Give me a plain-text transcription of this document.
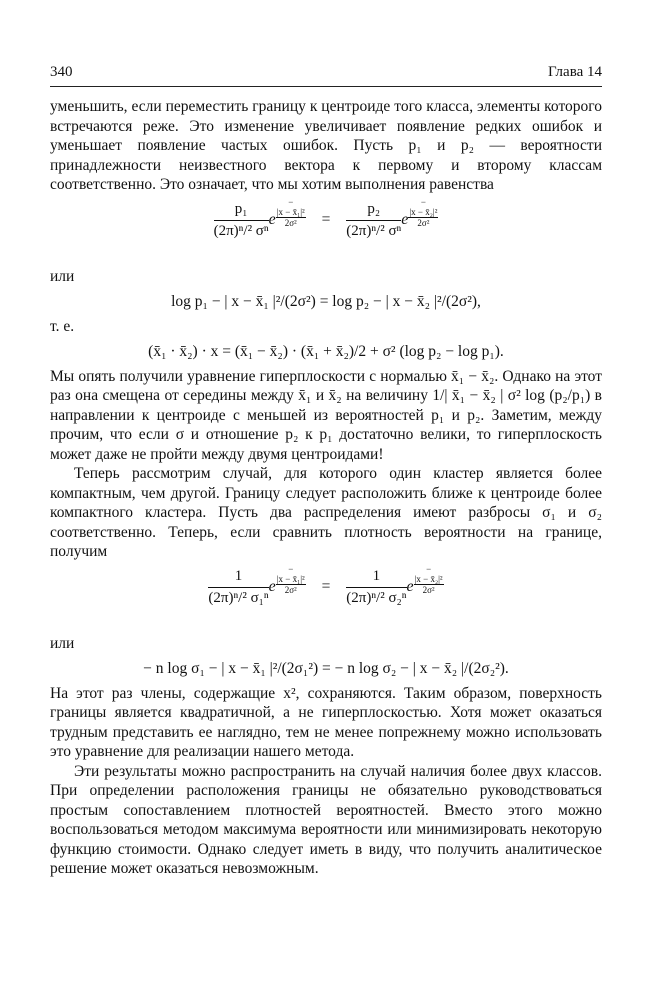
340	Глава 14

уменьшить, если переместить границу к центроиде того класса, элементы которого встречаются реже. Это изменение увеличивает появление редких ошибок и уменьшает появление частых ошибок. Пусть p₁ и p₂ — вероятности принадлежности неизвестного вектора к первому и второму классам соответственно. Это означает, что мы хотим выполнения равенства

$\frac{\text{p₁}}{\text{(2π)ⁿ/² σⁿ}} e-$
|x − x̄₁|²
2σ²	= $\frac{\text{p₂}}{\text{(2π)ⁿ/² σⁿ}} e-$
|x − x̄₂|²
2σ²
или
log p₁ − | x − x̄₁ |²/(2σ²) = log p₂ − | x − x̄₂ |²/(2σ²),
т. е.
(x̄₁ · x̄₂) · x = (x̄₁ − x̄₂) · (x̄₁ + x̄₂)/2 + σ² (log p₂ − log p₁).

Мы опять получили уравнение гиперплоскости с нормалью x̄₁ − x̄₂. Однако на этот раз она смещена от середины между x̄₁ и x̄₂ на величину 1/| x̄₁ − x̄₂ | σ² log (p₂/p₁) в направлении к центроиде с меньшей из вероятностей p₁ и p₂. Заметим, между прочим, что если σ и отношение p₂ к p₁ достаточно велики, то гиперплоскость может даже не пройти между двумя центроидами!

Теперь рассмотрим случай, для которого один кластер является более компактным, чем другой. Границу следует расположить ближе к центроиде более компактного кластера. Пусть два распределения имеют разбросы σ₁ и σ₂ соответственно. Теперь, если сравнить плотность вероятности на границе, получим

$\frac{1}{\text{(2π)ⁿ/² σ₁ⁿ}} e-$
|x − x̄₁|²
2σ²	= $\frac{1}{\text{(2π)ⁿ/² σ₂ⁿ}} e-$
|x − x̄₂|²
2σ²
или
− n log σ₁ − | x − x̄₁ |²/(2σ₁²) = − n log σ₂ − | x − x̄₂ |/(2σ₂²).

На этот раз члены, содержащие x², сохраняются. Таким образом, поверхность границы является квадратичной, а не гиперплоскостью. Хотя может оказаться трудным представить ее наглядно, тем не менее попрежнему можно использовать это уравнение для реализации нашего метода.

Эти результаты можно распространить на случай наличия более двух классов. При определении расположения границы не обязательно руководствоваться простым сопоставлением плотностей вероятностей. Вместо этого можно воспользоваться методом максимума вероятности или минимизировать некоторую функцию стоимости. Однако следует иметь в виду, что получить аналитическое решение может оказаться невозможным.
